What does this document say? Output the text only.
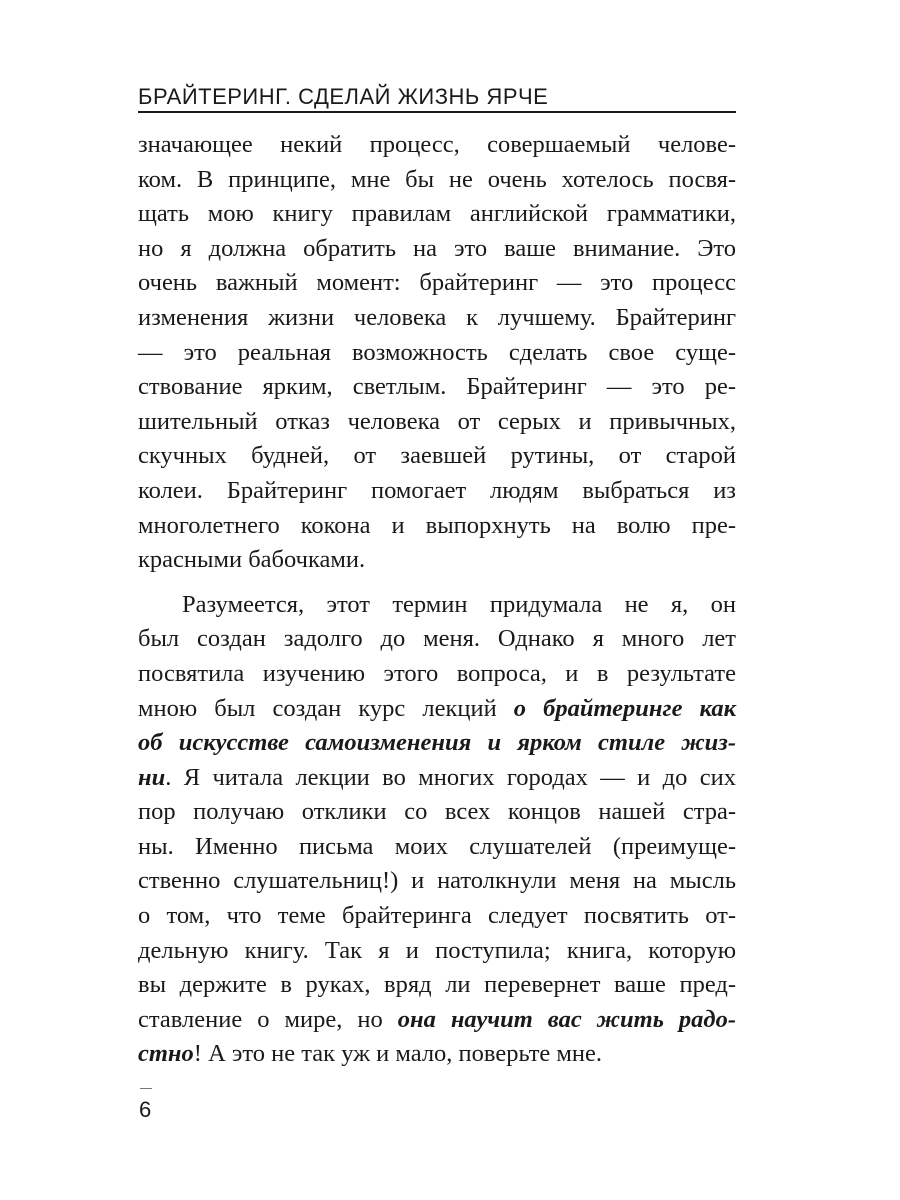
БРАЙТЕРИНГ. СДЕЛАЙ ЖИЗНЬ ЯРЧЕ
значающее некий процесс, совершаемый челове-
ком. В принципе, мне бы не очень хотелось посвя-
щать мою книгу правилам английской грамматики,
но я должна обратить на это ваше внимание. Это
очень важный момент: брайтеринг — это процесс
изменения жизни человека к лучшему. Брайтеринг
— это реальная возможность сделать свое суще-
ствование ярким, светлым. Брайтеринг — это ре-
шительный отказ человека от серых и привычных,
скучных будней, от заевшей рутины, от старой
колеи. Брайтеринг помогает людям выбраться из
многолетнего кокона и выпорхнуть на волю пре-
красными бабочками.
Разумеется, этот термин придумала не я, он
был создан задолго до меня. Однако я много лет
посвятила изучению этого вопроса, и в результате
мною был создан курс лекций о брайтеринге как
об искусстве самоизменения и ярком стиле жиз-
ни. Я читала лекции во многих городах — и до сих
пор получаю отклики со всех концов нашей стра-
ны. Именно письма моих слушателей (преимуще-
ственно слушательниц!) и натолкнули меня на мысль
о том, что теме брайтеринга следует посвятить от-
дельную книгу. Так я и поступила; книга, которую
вы держите в руках, вряд ли перевернет ваше пред-
ставление о мире, но она научит вас жить радо-
стно! А это не так уж и мало, поверьте мне.
6
